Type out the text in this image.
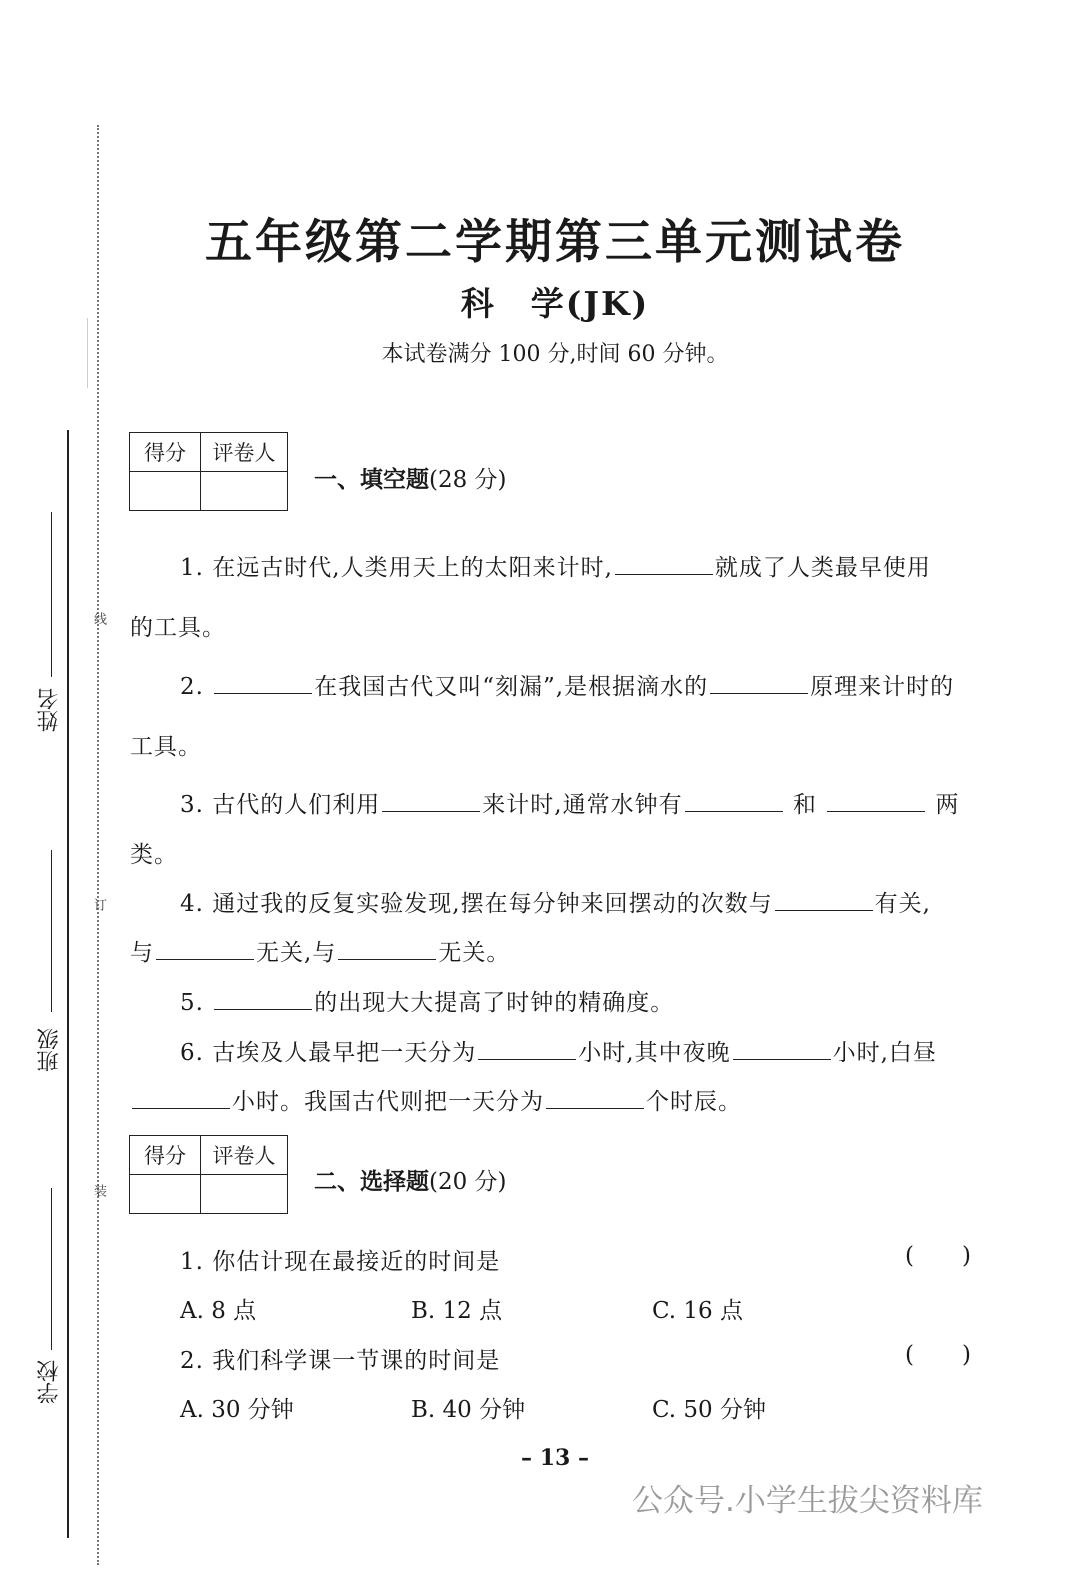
姓名
班级
学校
线
订
装
五年级第二学期第三单元测试卷
科　学(JK)
本试卷满分 100 分,时间 60 分钟。
得分	评卷人

一、填空题(28 分)
1. 在远古时代,人类用天上的太阳来计时,	就成了人类最早使用
的工具。
2.	在我国古代又叫“刻漏”,是根据滴水的	原理来计时的
工具。
3. 古代的人们利用	来计时,通常水钟有	和	两
类。
4. 通过我的反复实验发现,摆在每分钟来回摆动的次数与	有关,
与	无关,与	无关。
5.	的出现大大提高了时钟的精确度。
6. 古埃及人最早把一天分为	小时,其中夜晚	小时,白昼
小时。我国古代则把一天分为	个时辰。
得分	评卷人

二、选择题(20 分)
1. 你估计现在最接近的时间是	()
A. 8 点	B. 12 点	C. 16 点
2. 我们科学课一节课的时间是	()
A. 30 分钟	B. 40 分钟	C. 50 分钟
– 13 –
公众号.小学生拔尖资料库
